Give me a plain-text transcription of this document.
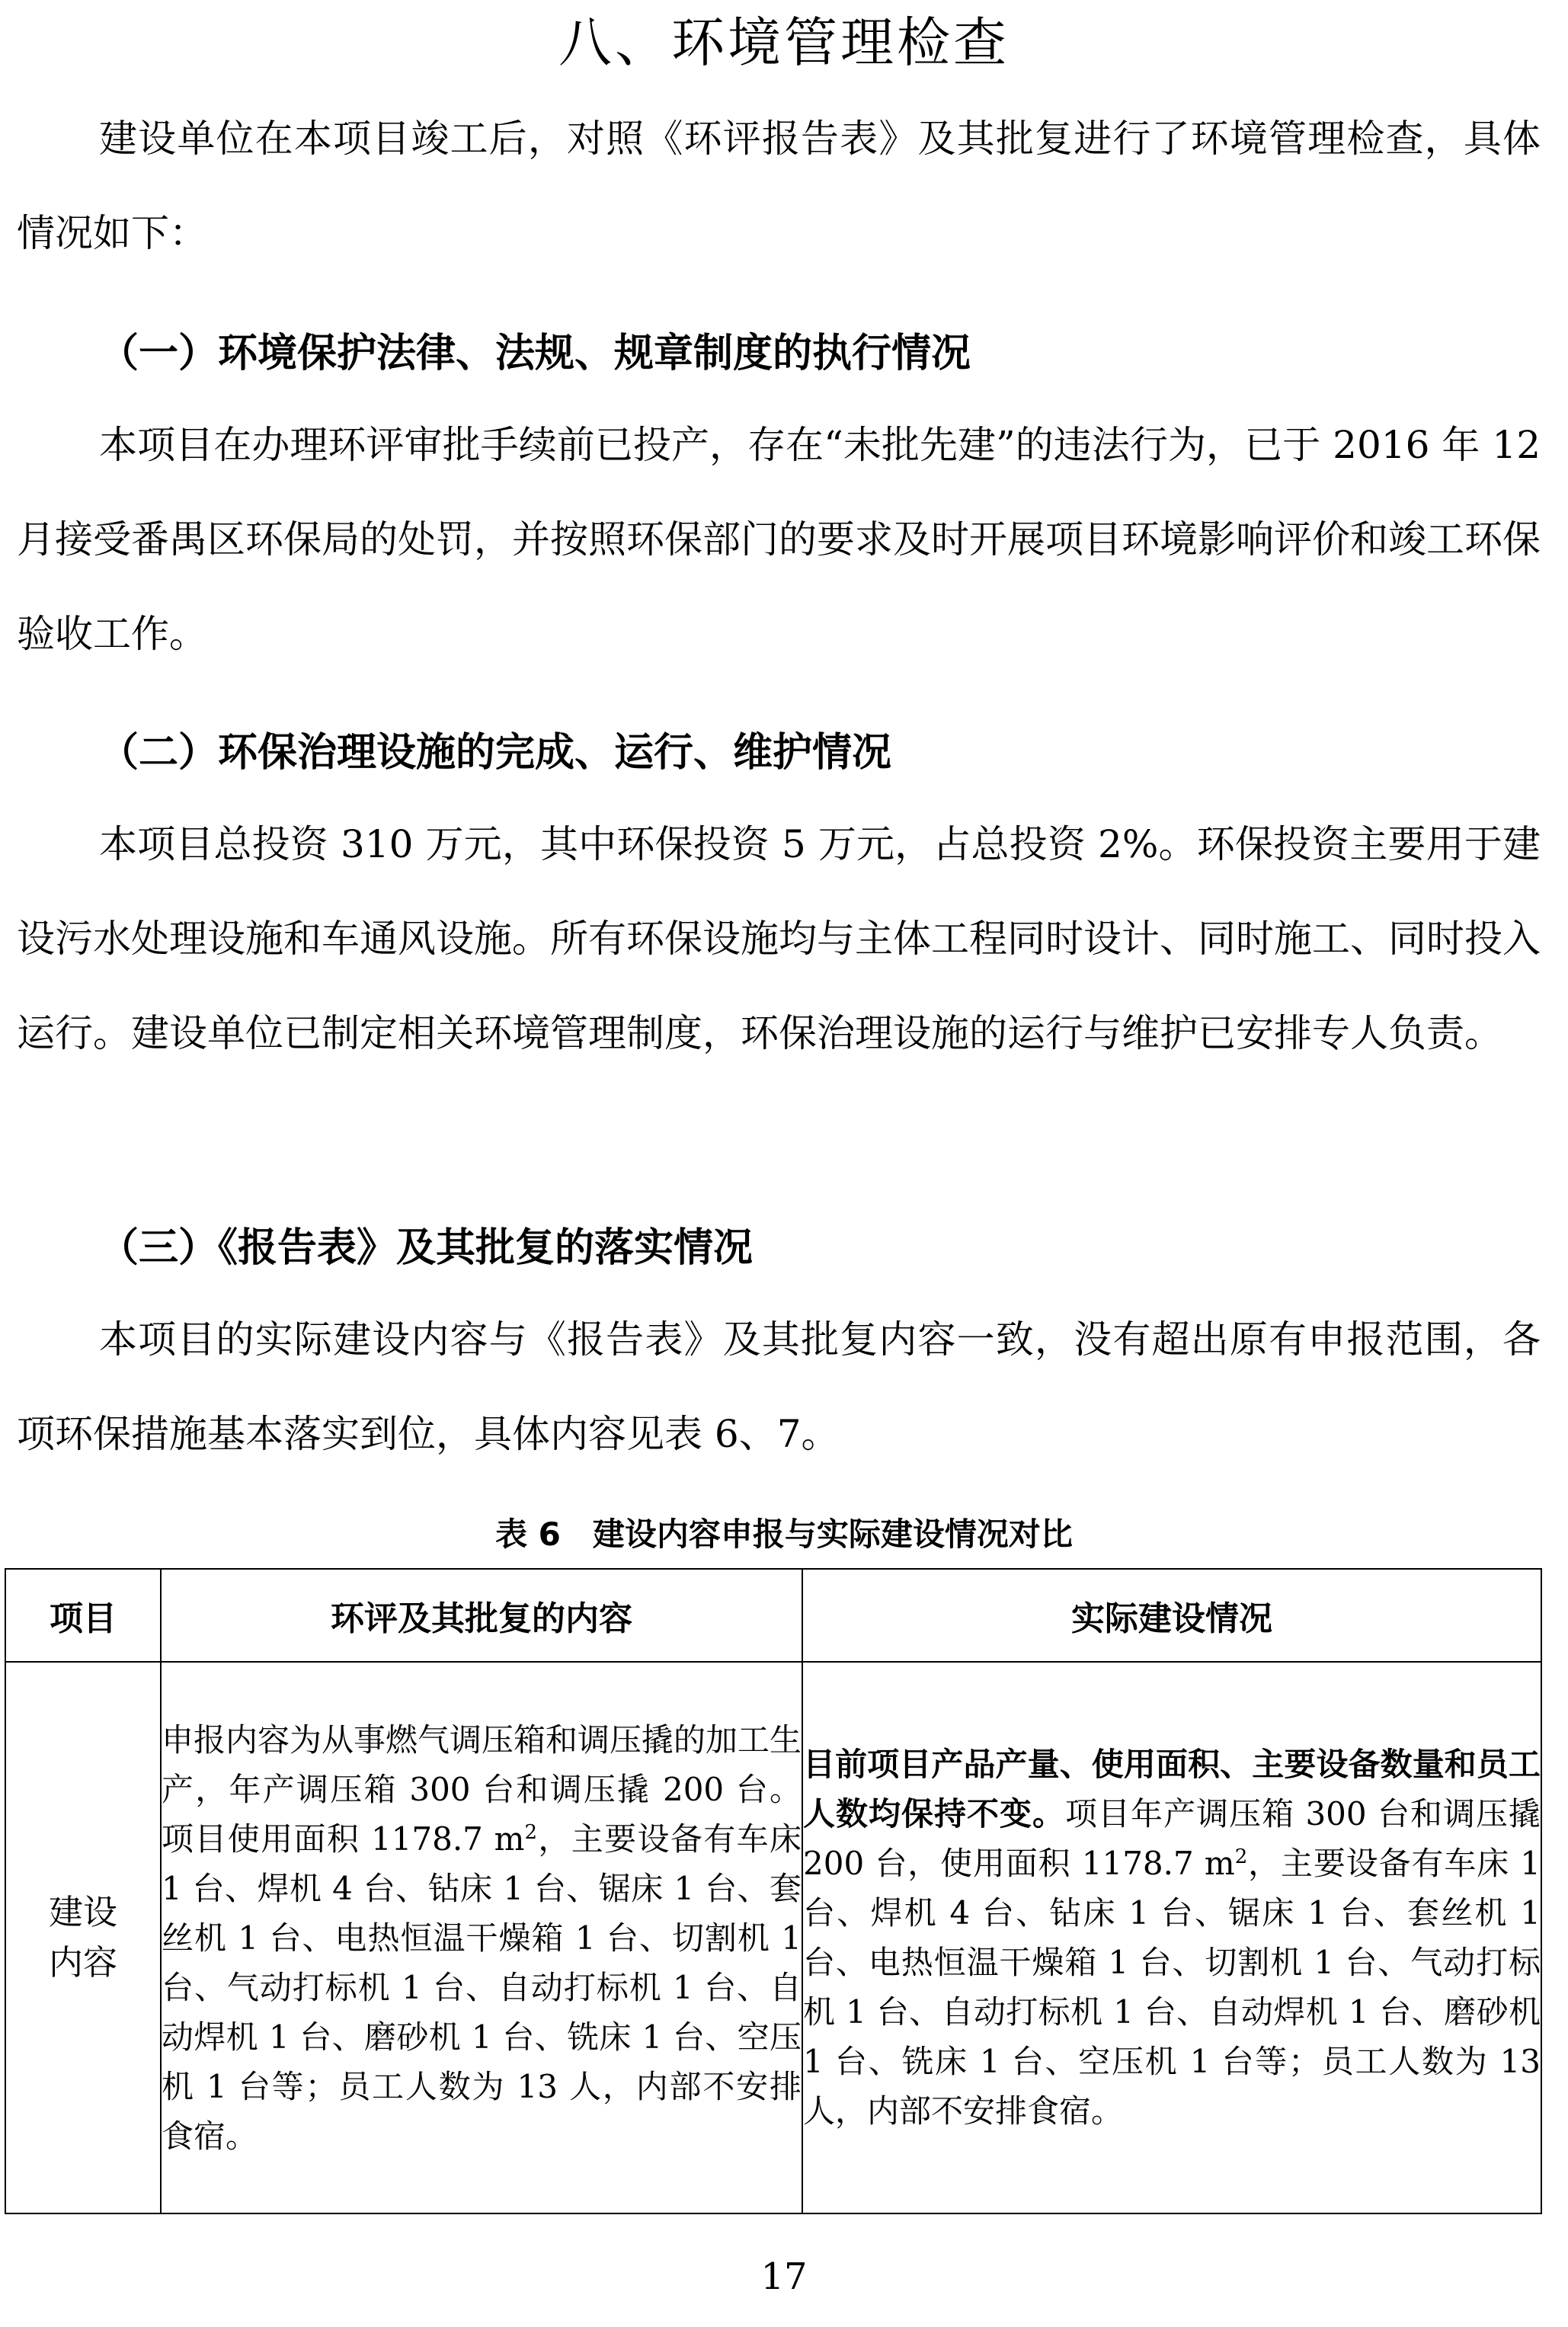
八、环境管理检查

建设单位在本项目竣工后，对照《环评报告表》及其批复进行了环境管理检查，具体情况如下：

（一）环境保护法律、法规、规章制度的执行情况

本项目在办理环评审批手续前已投产，存在“未批先建”的违法行为，已于 2016 年 12 月接受番禺区环保局的处罚，并按照环保部门的要求及时开展项目环境影响评价和竣工环保验收工作。

（二）环保治理设施的完成、运行、维护情况

本项目总投资 310 万元，其中环保投资 5 万元，占总投资 2%。环保投资主要用于建设污水处理设施和车通风设施。所有环保设施均与主体工程同时设计、同时施工、同时投入运行。建设单位已制定相关环境管理制度，环保治理设施的运行与维护已安排专人负责。

（三）《报告表》及其批复的落实情况

本项目的实际建设内容与《报告表》及其批复内容一致，没有超出原有申报范围，各项环保措施基本落实到位，具体内容见表 6、7。

表 6　建设内容申报与实际建设情况对比
项目	环评及其批复的内容	实际建设情况
建设
内容	申报内容为从事燃气调压箱和调压撬的加工生产，年产调压箱 300 台和调压撬 200 台。项目使用面积 1178.7 $m^2$，主要设备有车床 1 台、焊机 4 台、钻床 1 台、锯床 1 台、套丝机 1 台、电热恒温干燥箱 1 台、切割机 1 台、气动打标机 1 台、自动打标机 1 台、自动焊机 1 台、磨砂机 1 台、铣床 1 台、空压机 1 台等；员工人数为 13 人，内部不安排食宿。	目前项目产品产量、使用面积、主要设备数量和员工人数均保持不变。项目年产调压箱 300 台和调压撬 200 台，使用面积 1178.7 $m^2$，主要设备有车床 1 台、焊机 4 台、钻床 1 台、锯床 1 台、套丝机 1 台、电热恒温干燥箱 1 台、切割机 1 台、气动打标机 1 台、自动打标机 1 台、自动焊机 1 台、磨砂机 1 台、铣床 1 台、空压机 1 台等；员工人数为 13 人，内部不安排食宿。
17
